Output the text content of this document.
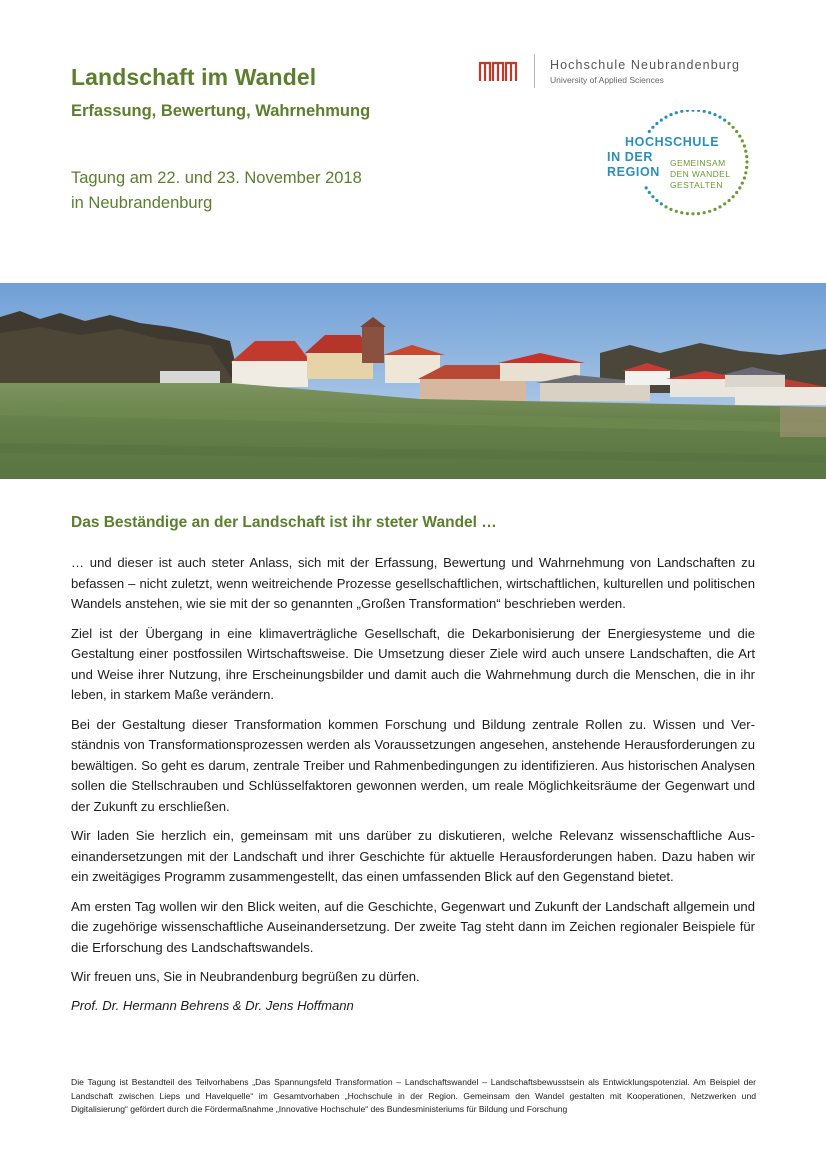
Landschaft im Wandel
Erfassung, Bewertung, Wahrnehmung

Tagung am 22. und 23. November 2018

in Neubrandenburg

Hochschule Neubrandenburg
University of Applied Sciences
HOCHSCHULE
IN DER
REGION
GEMEINSAM
DEN WANDEL
GESTALTEN
Das Beständige an der Landschaft ist ihr steter Wandel …

… und dieser ist auch steter Anlass, sich mit der Erfassung, Bewertung und Wahrnehmung von Landschaften zu befassen – nicht zuletzt, wenn weitreichende Prozesse gesellschaftlichen, wirtschaftlichen, kulturellen und politischen Wandels anstehen, wie sie mit der so genannten „Großen Transformation“ beschrieben werden.

Ziel ist der Übergang in eine klimaverträgliche Gesellschaft, die Dekarbonisierung der Energiesysteme und die Gestaltung einer postfossilen Wirtschaftsweise. Die Umsetzung dieser Ziele wird auch unsere Landschaften, die Art und Weise ihrer Nutzung, ihre Erscheinungsbilder und damit auch die Wahrnehmung durch die Menschen, die in ihr leben, in starkem Maße verändern.

Bei der Gestaltung dieser Transformation kommen Forschung und Bildung zentrale Rollen zu. Wissen und Verständnis von Transformationsprozessen werden als Voraussetzungen angesehen, anstehende Herausforderungen zu bewältigen. So geht es darum, zentrale Treiber und Rahmenbedingungen zu identifizieren. Aus historischen Analysen sollen die Stellschrauben und Schlüsselfaktoren gewonnen werden, um reale Möglichkeitsräume der Gegenwart und der Zukunft zu erschließen.

Wir laden Sie herzlich ein, gemeinsam mit uns darüber zu diskutieren, welche Relevanz wissenschaftliche Auseinandersetzungen mit der Landschaft und ihrer Geschichte für aktuelle Herausforderungen haben. Dazu haben wir ein zweitägiges Programm zusammengestellt, das einen umfassenden Blick auf den Gegenstand bietet.

Am ersten Tag wollen wir den Blick weiten, auf die Geschichte, Gegenwart und Zukunft der Landschaft allgemein und die zugehörige wissenschaftliche Auseinandersetzung. Der zweite Tag steht dann im Zeichen regionaler Beispiele für die Erforschung des Landschaftswandels.

Wir freuen uns, Sie in Neubrandenburg begrüßen zu dürfen.

Prof. Dr. Hermann Behrens & Dr. Jens Hoffmann

Die Tagung ist Bestandteil des Teilvorhabens „Das Spannungsfeld Transformation – Landschaftswandel – Landschaftsbewusstsein als Entwicklungspotenzial. Am Beispiel der Landschaft zwischen Lieps und Havelquelle“ im Gesamtvorhaben „Hochschule in der Region. Gemeinsam den Wandel gestalten mit Kooperationen, Netzwerken und Digitalisierung“ gefördert durch die Fördermaßnahme „Innovative Hochschule“ des Bundesministeriums für Bildung und Forschung
